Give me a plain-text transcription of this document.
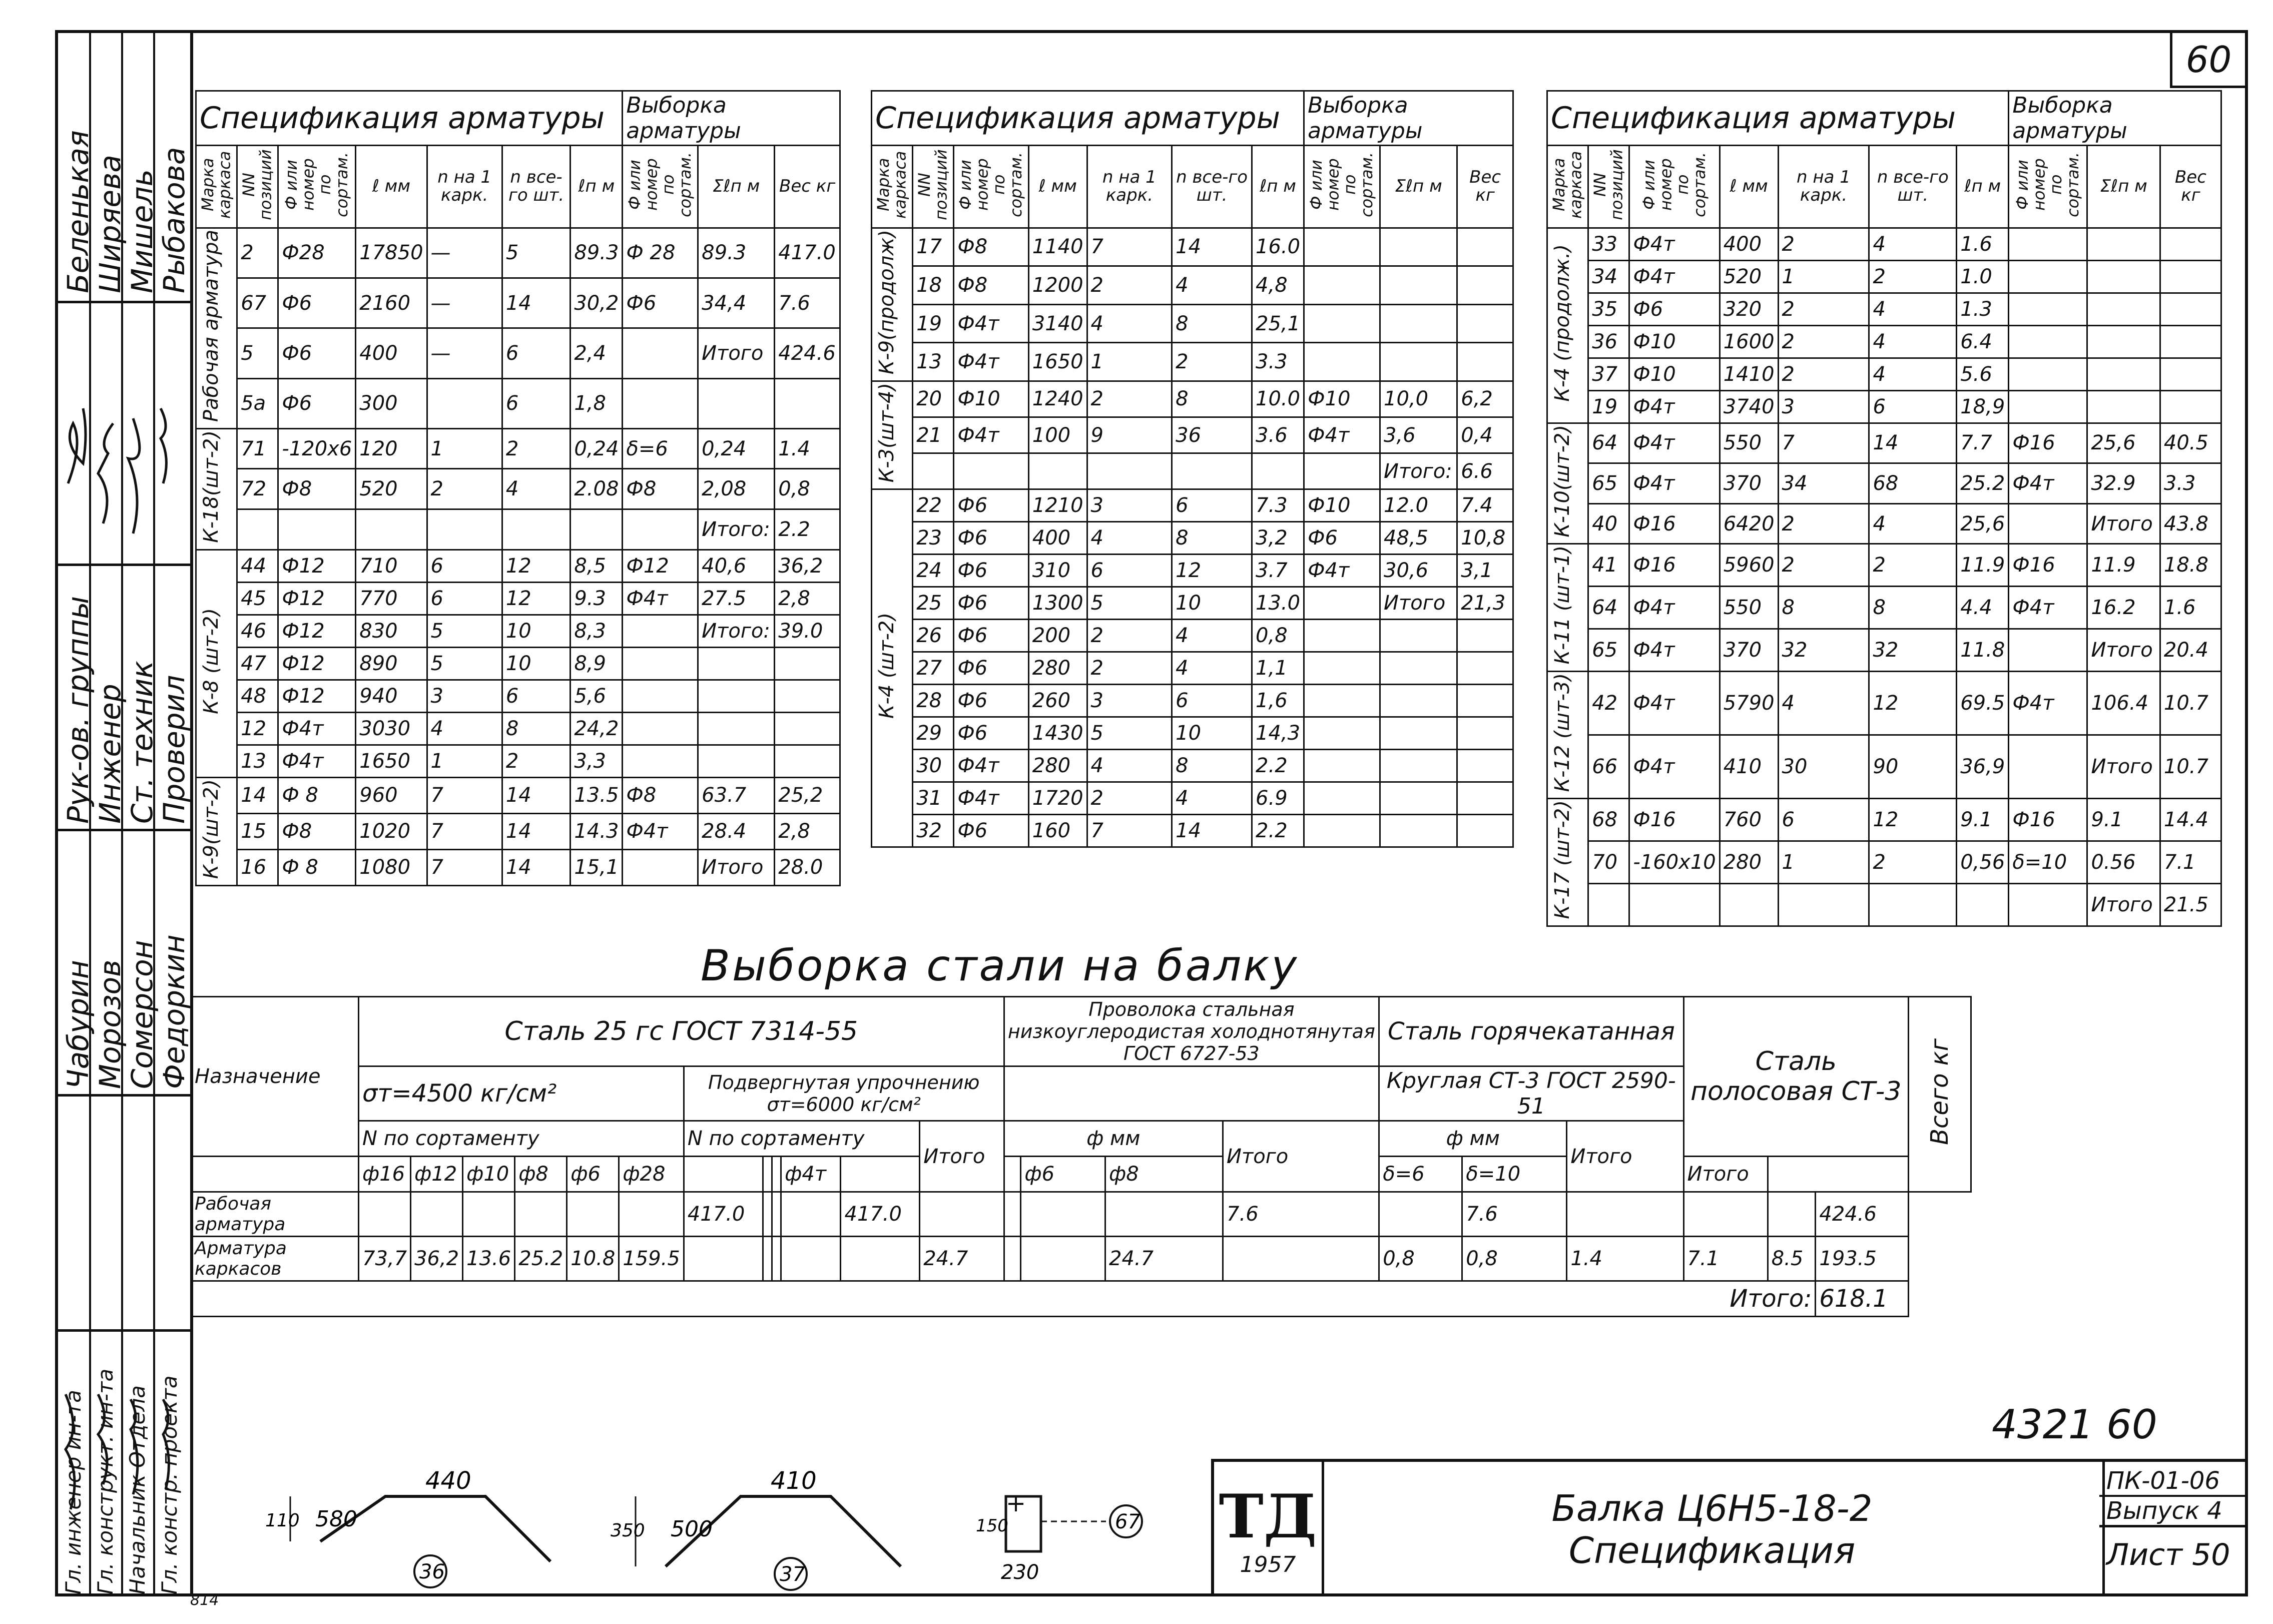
Беленькая
Ширяева
Мишель
Рыбакова
Рук-ов. группы
Инженер
Ст. техник
Проверил
Чабурин
Морозов
Сомерсон
Федоркин
Гл. инженер ин-та Гл. конструкт. ин-та Начальник Отдела Гл. констр. проекта
60
Спецификация арматуры							Выборка арматуры		
Марка каркаса	NN позиций	Ф или номер по сортам.	ℓ мм	n на 1 карк.	n все-го шт.	ℓп м	Ф или номер по сортам.	Σℓп м	Вес кг
Рабочая арматура	2	Ф28	17850	—	5	89.3	Ф 28	89.3	417.0
	67	Ф6	2160	—	14	30,2	Ф6	34,4	7.6
	5	Ф6	400	—	6	2,4		Итого	424.6
	5а	Ф6	300		6	1,8			
К-18(шт-2)	71	-120х6	120	1	2	0,24	δ=6	0,24	1.4
	72	Ф8	520	2	4	2.08	Ф8	2,08	0,8
								Итого:	2.2
К-8 (шт-2)	44	Ф12	710	6	12	8,5	Ф12	40,6	36,2
	45	Ф12	770	6	12	9.3	Ф4т	27.5	2,8
	46	Ф12	830	5	10	8,3		Итого:	39.0
	47	Ф12	890	5	10	8,9			
	48	Ф12	940	3	6	5,6			
	12	Ф4т	3030	4	8	24,2			
	13	Ф4т	1650	1	2	3,3			
К-9(шт-2)	14	Ф 8	960	7	14	13.5	Ф8	63.7	25,2
	15	Ф8	1020	7	14	14.3	Ф4т	28.4	2,8
	16	Ф 8	1080	7	14	15,1		Итого	28.0
Спецификация арматуры							Выборка арматуры		
Марка каркаса	NN позиций	Ф или номер по сортам.	ℓ мм	n на 1 карк.	n все-го шт.	ℓп м	Ф или номер по сортам.	Σℓп м	Вес кг
К-9(продолж)	17	Ф8	1140	7	14	16.0			
	18	Ф8	1200	2	4	4,8			
	19	Ф4т	3140	4	8	25,1			
	13	Ф4т	1650	1	2	3.3			
К-3(шт-4)	20	Ф10	1240	2	8	10.0	Ф10	10,0	6,2
	21	Ф4т	100	9	36	3.6	Ф4т	3,6	0,4
								Итого:	6.6
К-4 (шт-2)	22	Ф6	1210	3	6	7.3	Ф10	12.0	7.4
	23	Ф6	400	4	8	3,2	Ф6	48,5	10,8
	24	Ф6	310	6	12	3.7	Ф4т	30,6	3,1
	25	Ф6	1300	5	10	13.0		Итого	21,3
	26	Ф6	200	2	4	0,8			
	27	Ф6	280	2	4	1,1			
	28	Ф6	260	3	6	1,6			
	29	Ф6	1430	5	10	14,3			
	30	Ф4т	280	4	8	2.2			
	31	Ф4т	1720	2	4	6.9			
	32	Ф6	160	7	14	2.2			
Спецификация арматуры							Выборка арматуры		
Марка каркаса	NN позиций	Ф или номер по сортам.	ℓ мм	n на 1 карк.	n все-го шт.	ℓп м	Ф или номер по сортам.	Σℓп м	Вес кг
К-4 (продолж.)	33	Ф4т	400	2	4	1.6			
	34	Ф4т	520	1	2	1.0			
	35	Ф6	320	2	4	1.3			
	36	Ф10	1600	2	4	6.4			
	37	Ф10	1410	2	4	5.6			
	19	Ф4т	3740	3	6	18,9			
К-10(шт-2)	64	Ф4т	550	7	14	7.7	Ф16	25,6	40.5
	65	Ф4т	370	34	68	25.2	Ф4т	32.9	3.3
	40	Ф16	6420	2	4	25,6		Итого	43.8
К-11 (шт-1)	41	Ф16	5960	2	2	11.9	Ф16	11.9	18.8
	64	Ф4т	550	8	8	4.4	Ф4т	16.2	1.6
	65	Ф4т	370	32	32	11.8		Итого	20.4
К-12 (шт-3)	42	Ф4т	5790	4	12	69.5	Ф4т	106.4	10.7
	66	Ф4т	410	30	90	36,9		Итого	10.7
К-17 (шт-2)	68	Ф16	760	6	12	9.1	Ф16	9.1	14.4
	70	-160х10	280	1	2	0,56	δ=10	0.56	7.1
								Итого	21.5
Выборка стали на балку
Назначение	Сталь 25 гс ГОСТ 7314-55												Проволока стальная низкоуглеродистая холоднотянутая ГОСТ 6727-53				Сталь горячекатанная			Сталь полосовая СТ-3			Всего кг
	σт=4500 кг/см²						Подвергнутая упрочнению σт=6000 кг/см²										Круглая СТ-3 ГОСТ 2590-51						
	N по сортаменту						N по сортаменту					Итого	ф мм			Итого	ф мм		Итого				
	ф16	ф12	ф10	ф8	ф6	ф28				ф4т				ф6	ф8		δ=6	δ=10		Итого			
Рабочая арматура							417.0				417.0					7.6		7.6				424.6	
Арматура каркасов	73,7	36,2	13.6	25.2	10.8	159.5						24.7			24.7		0,8	0,8	1.4	7.1	8.5	193.5	
Итого:																						618.1	
4321 60
440
580
110
36
410
500
350
37
150
230
67 ТД
1957
Балка Ц6Н5-18-2
Спецификация
ПК-01-06
Выпуск 4
Лист 50
814
